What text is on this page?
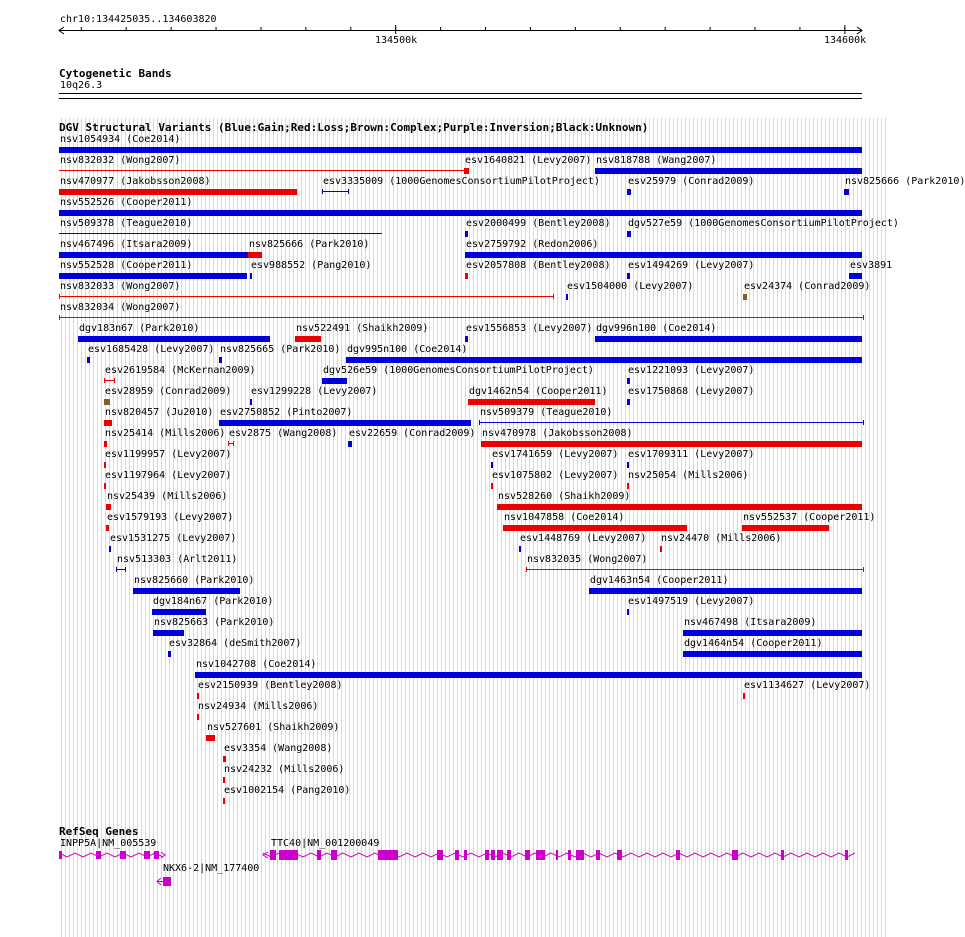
chr10:134425035..134603820
134500k	134600k
Cytogenetic Bands
10q26.3
DGV Structural Variants (Blue:Gain;Red:Loss;Brown:Complex;Purple:Inversion;Black:Unknown)
nsv1054934 (Coe2014)
nsv832032 (Wong2007)	esv1640821 (Levy2007) nsv818788 (Wang2007)
nsv470977 (Jakobsson2008)	esv3335009 (1000GenomesConsortiumPilotProject)	esv25979 (Conrad2009)	nsv825666 (Park2010)
nsv552526 (Cooper2011)
nsv509378 (Teague2010)	esv2000499 (Bentley2008) dgv527e59 (1000GenomesConsortiumPilotProject)
nsv467496 (Itsara2009)	nsv825666 (Park2010)	esv2759792 (Redon2006)
nsv552528 (Cooper2011)	esv988552 (Pang2010)	esv2057808 (Bentley2008) esv1494269 (Levy2007)	esv3891
nsv832033 (Wong2007)	esv1504000 (Levy2007)	esv24374 (Conrad2009)
nsv832034 (Wong2007)
dgv183n67 (Park2010)	nsv522491 (Shaikh2009)	esv1556853 (Levy2007) dgv996n100 (Coe2014)
esv1685428 (Levy2007) nsv825665 (Park2010) dgv995n100 (Coe2014)
esv2619584 (McKernan2009)	dgv526e59 (1000GenomesConsortiumPilotProject)	esv1221093 (Levy2007)
esv28959 (Conrad2009) esv1299228 (Levy2007)	dgv1462n54 (Cooper2011) esv1750868 (Levy2007)
nsv820457 (Ju2010) esv2750852 (Pinto2007)	nsv509379 (Teague2010)
nsv25414 (Mills2006) esv2875 (Wang2008) esv22659 (Conrad2009) nsv470978 (Jakobsson2008)
esv1199957 (Levy2007)	esv1741659 (Levy2007) esv1709311 (Levy2007)
esv1197964 (Levy2007)	esv1075802 (Levy2007) nsv25054 (Mills2006)
nsv25439 (Mills2006)	nsv528260 (Shaikh2009)
esv1579193 (Levy2007)	nsv1047858 (Coe2014)	nsv552537 (Cooper2011)
esv1531275 (Levy2007)	esv1448769 (Levy2007) nsv24470 (Mills2006)
nsv513303 (Arlt2011)	nsv832035 (Wong2007)
nsv825660 (Park2010)	dgv1463n54 (Cooper2011)
dgv184n67 (Park2010)	esv1497519 (Levy2007)
nsv825663 (Park2010)	nsv467498 (Itsara2009)
esv32864 (deSmith2007)	dgv1464n54 (Cooper2011)
nsv1042708 (Coe2014)
esv2150939 (Bentley2008)	esv1134627 (Levy2007)
nsv24934 (Mills2006)
nsv527601 (Shaikh2009)
esv3354 (Wang2008)
nsv24232 (Mills2006)
esv1002154 (Pang2010)
RefSeq Genes
INPP5A|NM_005539	TTC40|NM_001200049
NKX6-2|NM_177400
